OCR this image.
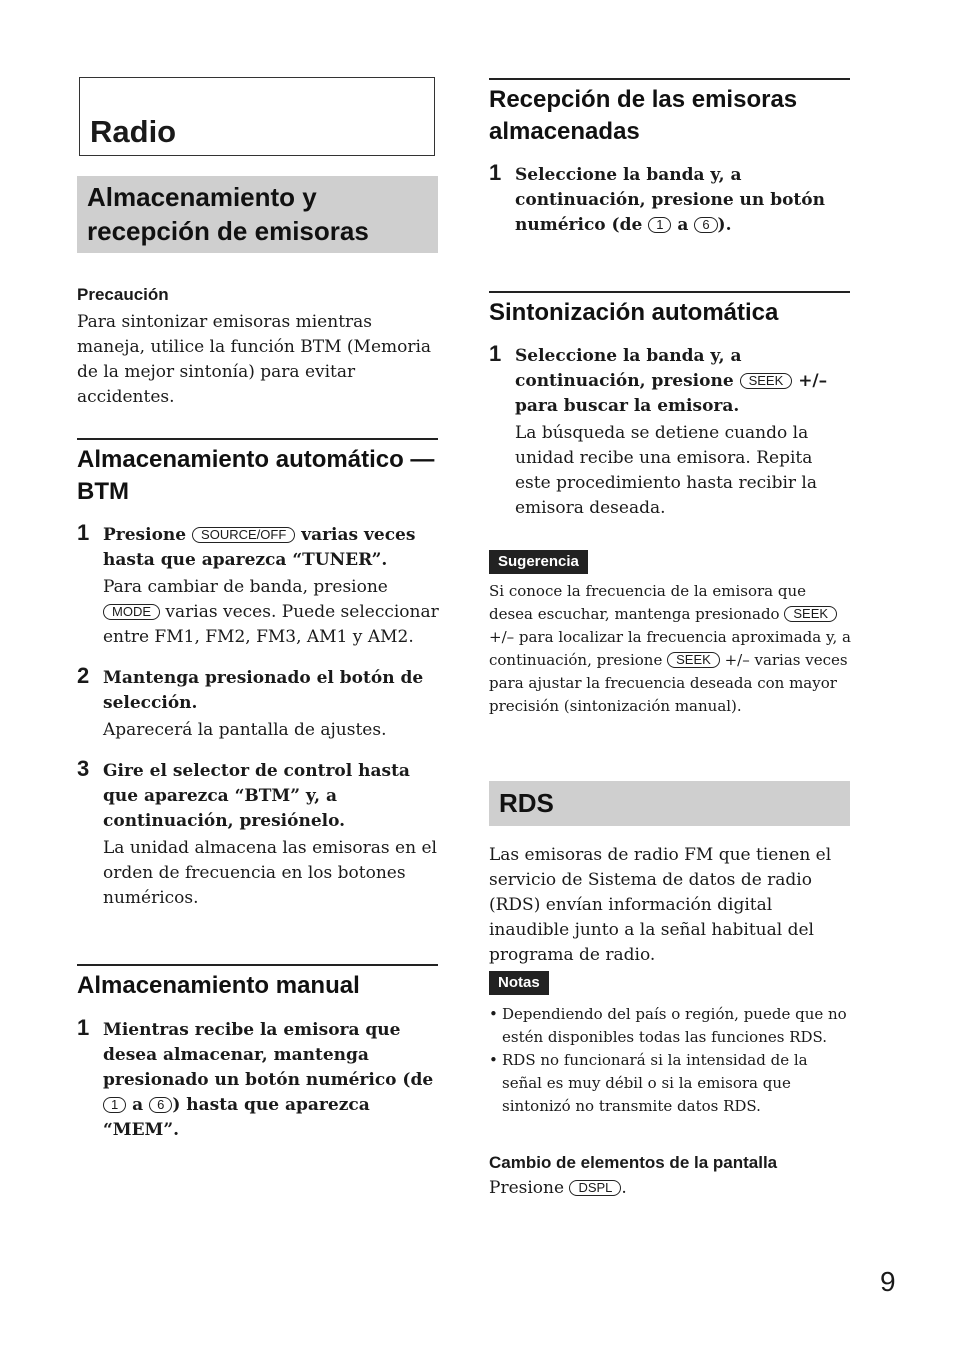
Radio
Almacenamiento y recepción de emisoras

Precaución

Para sintonizar emisoras mientras maneja, utilice la función BTM (Memoria de la mejor sintonía) para evitar accidentes.

Almacenamiento automático — BTM
1 Presione SOURCE/OFF varias veces hasta que aparezca “TUNER”.
Para cambiar de banda, presione MODE varias veces. Puede seleccionar entre FM1, FM2, FM3, AM1 y AM2.
2 Mantenga presionado el botón de selección.
Aparecerá la pantalla de ajustes.
3 Gire el selector de control hasta que aparezca “BTM” y, a continuación, presiónelo.
La unidad almacena las emisoras en el orden de frecuencia en los botones numéricos.
Almacenamiento manual
1 Mientras recibe la emisora que desea almacenar, mantenga presionado un botón numérico (de 1 a 6 ) hasta que aparezca “MEM”.
Recepción de las emisoras almacenadas
1 Seleccione la banda y, a continuación, presione un botón numérico (de 1 a 6 ).
Sintonización automática
1 Seleccione la banda y, a continuación, presione SEEK +/– para buscar la emisora.
La búsqueda se detiene cuando la unidad recibe una emisora. Repita este procedimiento hasta recibir la emisora deseada.
Sugerencia

Si conoce la frecuencia de la emisora que desea escuchar, mantenga presionado SEEK +/– para localizar la frecuencia aproximada y, a continuación, presione SEEK +/– varias veces para ajustar la frecuencia deseada con mayor precisión (sintonización manual).

RDS

Las emisoras de radio FM que tienen el servicio de Sistema de datos de radio (RDS) envían información digital inaudible junto a la señal habitual del programa de radio.

Notas
• Dependiendo del país o región, puede que no estén disponibles todas las funciones RDS.
• RDS no funcionará si la intensidad de la señal es muy débil o si la emisora que sintonizó no transmite datos RDS.

Cambio de elementos de la pantalla

Presione DSPL .

9
